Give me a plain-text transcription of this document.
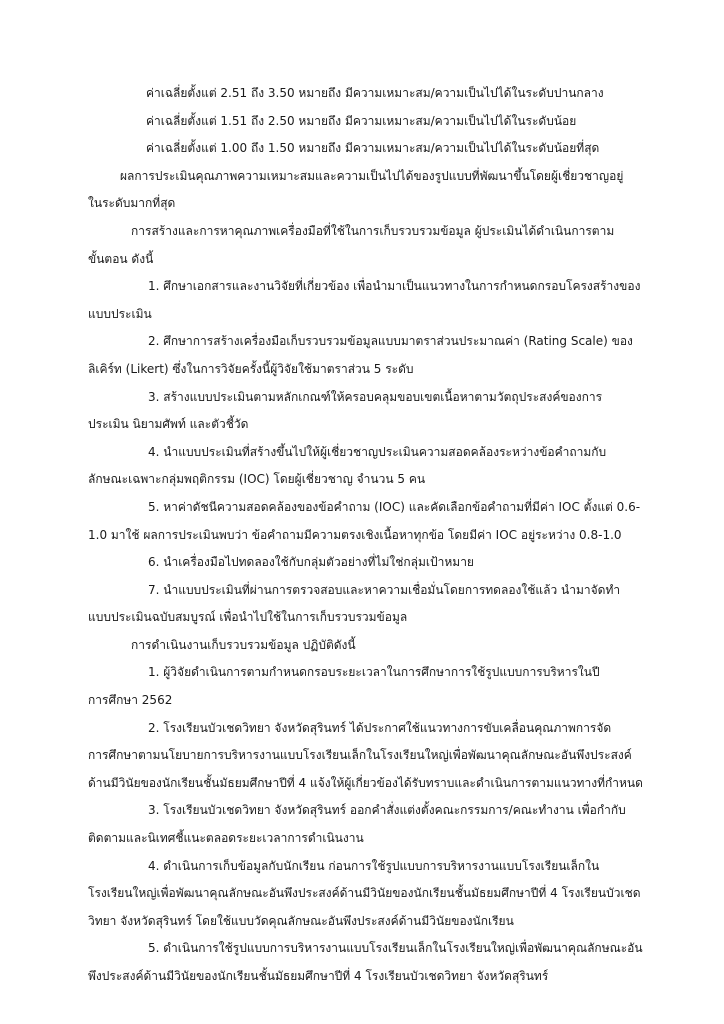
ค่าเฉลี่ยตั้งแต่ 2.51 ถึง 3.50 หมายถึง มีความเหมาะสม/ความเป็นไปได้ในระดับปานกลาง
ค่าเฉลี่ยตั้งแต่ 1.51 ถึง 2.50 หมายถึง มีความเหมาะสม/ความเป็นไปได้ในระดับน้อย
ค่าเฉลี่ยตั้งแต่ 1.00 ถึง 1.50 หมายถึง มีความเหมาะสม/ความเป็นไปได้ในระดับน้อยที่สุด
ผลการประเมินคุณภาพความเหมาะสมและความเป็นไปได้ของรูปแบบที่พัฒนาขึ้นโดยผู้เชี่ยวชาญอยู่
ในระดับมากที่สุด
การสร้างและการหาคุณภาพเครื่องมือที่ใช้ในการเก็บรวบรวมข้อมูล ผู้ประเมินได้ดำเนินการตาม
ขั้นตอน ดังนี้
1. ศึกษาเอกสารและงานวิจัยที่เกี่ยวข้อง เพื่อนำมาเป็นแนวทางในการกำหนดกรอบโครงสร้างของ
แบบประเมิน
2. ศึกษาการสร้างเครื่องมือเก็บรวบรวมข้อมูลแบบมาตราส่วนประมาณค่า (Rating Scale) ของ
ลิเคิร์ท (Likert) ซึ่งในการวิจัยครั้งนี้ผู้วิจัยใช้มาตราส่วน 5 ระดับ
3. สร้างแบบประเมินตามหลักเกณฑ์ให้ครอบคลุมขอบเขตเนื้อหาตามวัตถุประสงค์ของการ
ประเมิน นิยามศัพท์ และตัวชี้วัด
4. นำแบบประเมินที่สร้างขึ้นไปให้ผู้เชี่ยวชาญประเมินความสอดคล้องระหว่างข้อคำถามกับ
ลักษณะเฉพาะกลุ่มพฤติกรรม (IOC) โดยผู้เชี่ยวชาญ จำนวน 5 คน
5. หาค่าดัชนีความสอดคล้องของข้อคำถาม (IOC) และคัดเลือกข้อคำถามที่มีค่า IOC ตั้งแต่ 0.6-
1.0 มาใช้ ผลการประเมินพบว่า ข้อคำถามมีความตรงเชิงเนื้อหาทุกข้อ โดยมีค่า IOC อยู่ระหว่าง 0.8-1.0
6. นำเครื่องมือไปทดลองใช้กับกลุ่มตัวอย่างที่ไม่ใช่กลุ่มเป้าหมาย
7. นำแบบประเมินที่ผ่านการตรวจสอบและหาความเชื่อมั่นโดยการทดลองใช้แล้ว นำมาจัดทำ
แบบประเมินฉบับสมบูรณ์ เพื่อนำไปใช้ในการเก็บรวบรวมข้อมูล
การดำเนินงานเก็บรวบรวมข้อมูล ปฏิบัติดังนี้
1. ผู้วิจัยดำเนินการตามกำหนดกรอบระยะเวลาในการศึกษาการใช้รูปแบบการบริหารในปี
การศึกษา 2562
2. โรงเรียนบัวเชดวิทยา จังหวัดสุรินทร์ ได้ประกาศใช้แนวทางการขับเคลื่อนคุณภาพการจัด
การศึกษาตามนโยบายการบริหารงานแบบโรงเรียนเล็กในโรงเรียนใหญ่เพื่อพัฒนาคุณลักษณะอันพึงประสงค์
ด้านมีวินัยของนักเรียนชั้นมัธยมศึกษาปีที่ 4 แจ้งให้ผู้เกี่ยวข้องได้รับทราบและดำเนินการตามแนวทางที่กำหนด
3. โรงเรียนบัวเชดวิทยา จังหวัดสุรินทร์ ออกคำสั่งแต่งตั้งคณะกรรมการ/คณะทำงาน เพื่อกำกับ
ติดตามและนิเทศชี้แนะตลอดระยะเวลาการดำเนินงาน
4. ดำเนินการเก็บข้อมูลกับนักเรียน ก่อนการใช้รูปแบบการบริหารงานแบบโรงเรียนเล็กใน
โรงเรียนใหญ่เพื่อพัฒนาคุณลักษณะอันพึงประสงค์ด้านมีวินัยของนักเรียนชั้นมัธยมศึกษาปีที่ 4 โรงเรียนบัวเชด
วิทยา จังหวัดสุรินทร์ โดยใช้แบบวัดคุณลักษณะอันพึงประสงค์ด้านมีวินัยของนักเรียน
5. ดำเนินการใช้รูปแบบการบริหารงานแบบโรงเรียนเล็กในโรงเรียนใหญ่เพื่อพัฒนาคุณลักษณะอัน
พึงประสงค์ด้านมีวินัยของนักเรียนชั้นมัธยมศึกษาปีที่ 4 โรงเรียนบัวเชดวิทยา จังหวัดสุรินทร์
